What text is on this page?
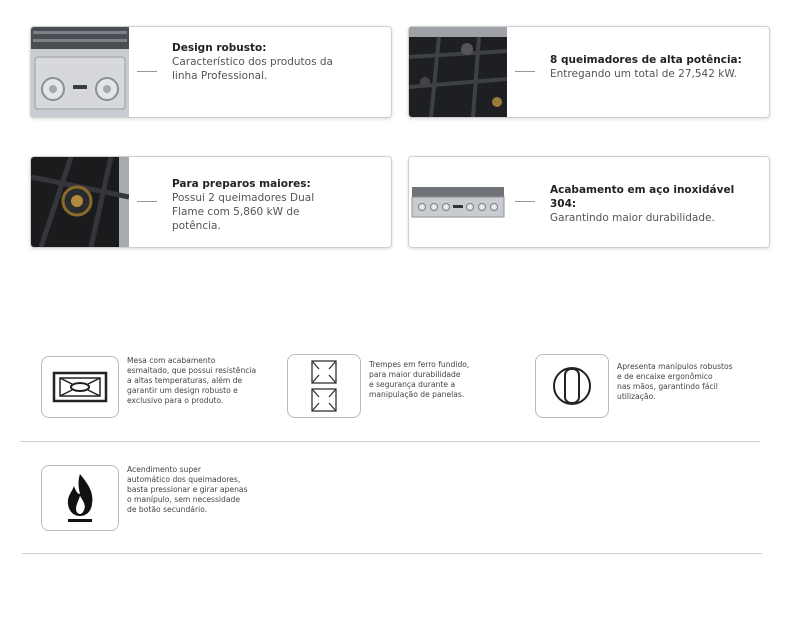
Design robusto:
Característico dos produtos da
linha Professional.
8 queimadores de alta potência:
Entregando um total de 27,542 kW.
Para preparos maiores:
Possui 2 queimadores Dual
Flame com 5,860 kW de
potência.
Acabamento em aço inoxidável 304:
Garantindo maior durabilidade.
Mesa com acabamento
esmaltado, que possui resistência
a altas temperaturas, além de
garantir um design robusto e
exclusivo para o produto.
Trempes em ferro fundido,
para maior durabilidade
e segurança durante a
manipulação de panelas.
Apresenta manípulos robustos
e de encaixe ergonômico
nas mãos, garantindo fácil
utilização.
Acendimento super
automático dos queimadores,
basta pressionar e girar apenas
o manípulo, sem necessidade
de botão secundário.
